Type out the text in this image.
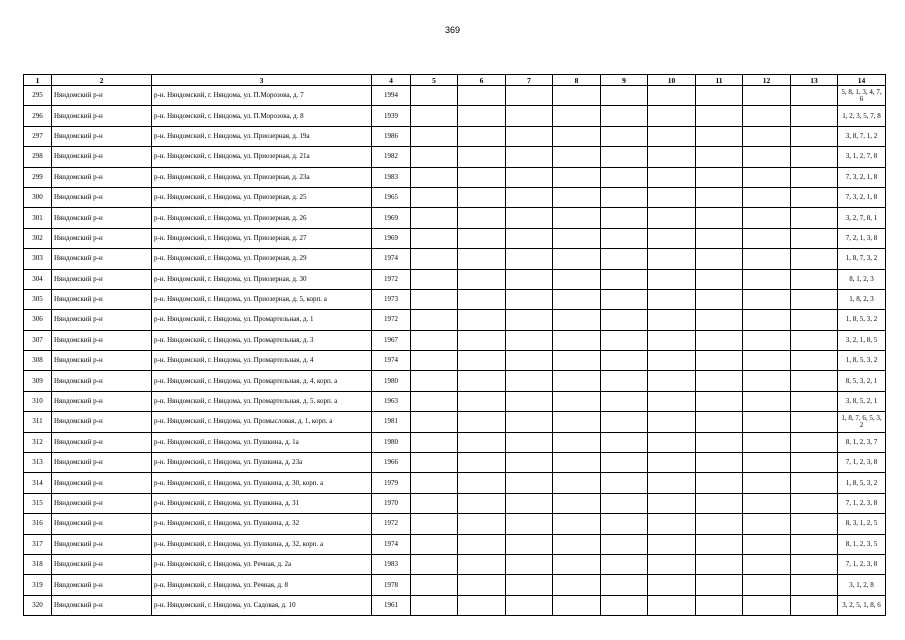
369
1	2	3	4	5	6	7	8	9	10	11	12	13	14
295	Няндомский р-н	р-н. Няндомский, г. Няндома, ул. П.Морозова, д. 7	1994										5, 8, 1, 3, 4, 7, 6
296	Няндомский р-н	р-н. Няндомский, г. Няндома, ул. П.Морозова, д. 8	1939										1, 2, 3, 5, 7, 8
297	Няндомский р-н	р-н. Няндомский, г. Няндома, ул. Приозерная, д. 19а	1986										3, 8, 7, 1, 2
298	Няндомский р-н	р-н. Няндомский, г. Няндома, ул. Приозерная, д. 21а	1982										3, 1, 2, 7, 8
299	Няндомский р-н	р-н. Няндомский, г. Няндома, ул. Приозерная, д. 23а	1983										7, 3, 2, 1, 8
300	Няндомский р-н	р-н. Няндомский, г. Няндома, ул. Приозерная, д. 25	1965										7, 3, 2, 1, 8
301	Няндомский р-н	р-н. Няндомский, г. Няндома, ул. Приозерная, д. 26	1969										3, 2, 7, 8, 1
302	Няндомский р-н	р-н. Няндомский, г. Няндома, ул. Приозерная, д. 27	1969										7, 2, 1, 3, 8
303	Няндомский р-н	р-н. Няндомский, г. Няндома, ул. Приозерная, д. 29	1974										1, 8, 7, 3, 2
304	Няндомский р-н	р-н. Няндомский, г. Няндома, ул. Приозерная, д. 30	1972										8, 1, 2, 3
305	Няндомский р-н	р-н. Няндомский, г. Няндома, ул. Приозерная, д. 5, корп. а	1973										1, 8, 2, 3
306	Няндомский р-н	р-н. Няндомский, г. Няндома, ул. Промартельная, д. 1	1972										1, 8, 5, 3, 2
307	Няндомский р-н	р-н. Няндомский, г. Няндома, ул. Промартельная, д. 3	1967										3, 2, 1, 8, 5
308	Няндомский р-н	р-н. Няндомский, г. Няндома, ул. Промартельная, д. 4	1974										1, 8, 5, 3, 2
309	Няндомский р-н	р-н. Няндомский, г. Няндома, ул. Промартельная, д. 4, корп. а	1980										8, 5, 3, 2, 1
310	Няндомский р-н	р-н. Няндомский, г. Няндома, ул. Промартельная, д. 5, корп. а	1963										3, 8, 5, 2, 1
311	Няндомский р-н	р-н. Няндомский, г. Няндома, ул. Промысловая, д. 1, корп. а	1981										1, 8, 7, 6, 5, 3, 2
312	Няндомский р-н	р-н. Няндомский, г. Няндома, ул. Пушкина, д. 1а	1980										8, 1, 2, 3, 7
313	Няндомский р-н	р-н. Няндомский, г. Няндома, ул. Пушкина, д. 23а	1966										7, 1, 2, 3, 8
314	Няндомский р-н	р-н. Няндомский, г. Няндома, ул. Пушкина, д. 30, корп. а	1979										1, 8, 5, 3, 2
315	Няндомский р-н	р-н. Няндомский, г. Няндома, ул. Пушкина, д. 31	1970										7, 1, 2, 3, 8
316	Няндомский р-н	р-н. Няндомский, г. Няндома, ул. Пушкина, д. 32	1972										8, 3, 1, 2, 5
317	Няндомский р-н	р-н. Няндомский, г. Няндома, ул. Пушкина, д. 32, корп. а	1974										8, 1, 2, 3, 5
318	Няндомский р-н	р-н. Няндомский, г. Няндома, ул. Речная, д. 2а	1983										7, 1, 2, 3, 8
319	Няндомский р-н	р-н. Няндомский, г. Няндома, ул. Речная, д. 8	1978										3, 1, 2, 8
320	Няндомский р-н	р-н. Няндомский, г. Няндома, ул. Садовая, д. 10	1961										3, 2, 5, 1, 8, 6
